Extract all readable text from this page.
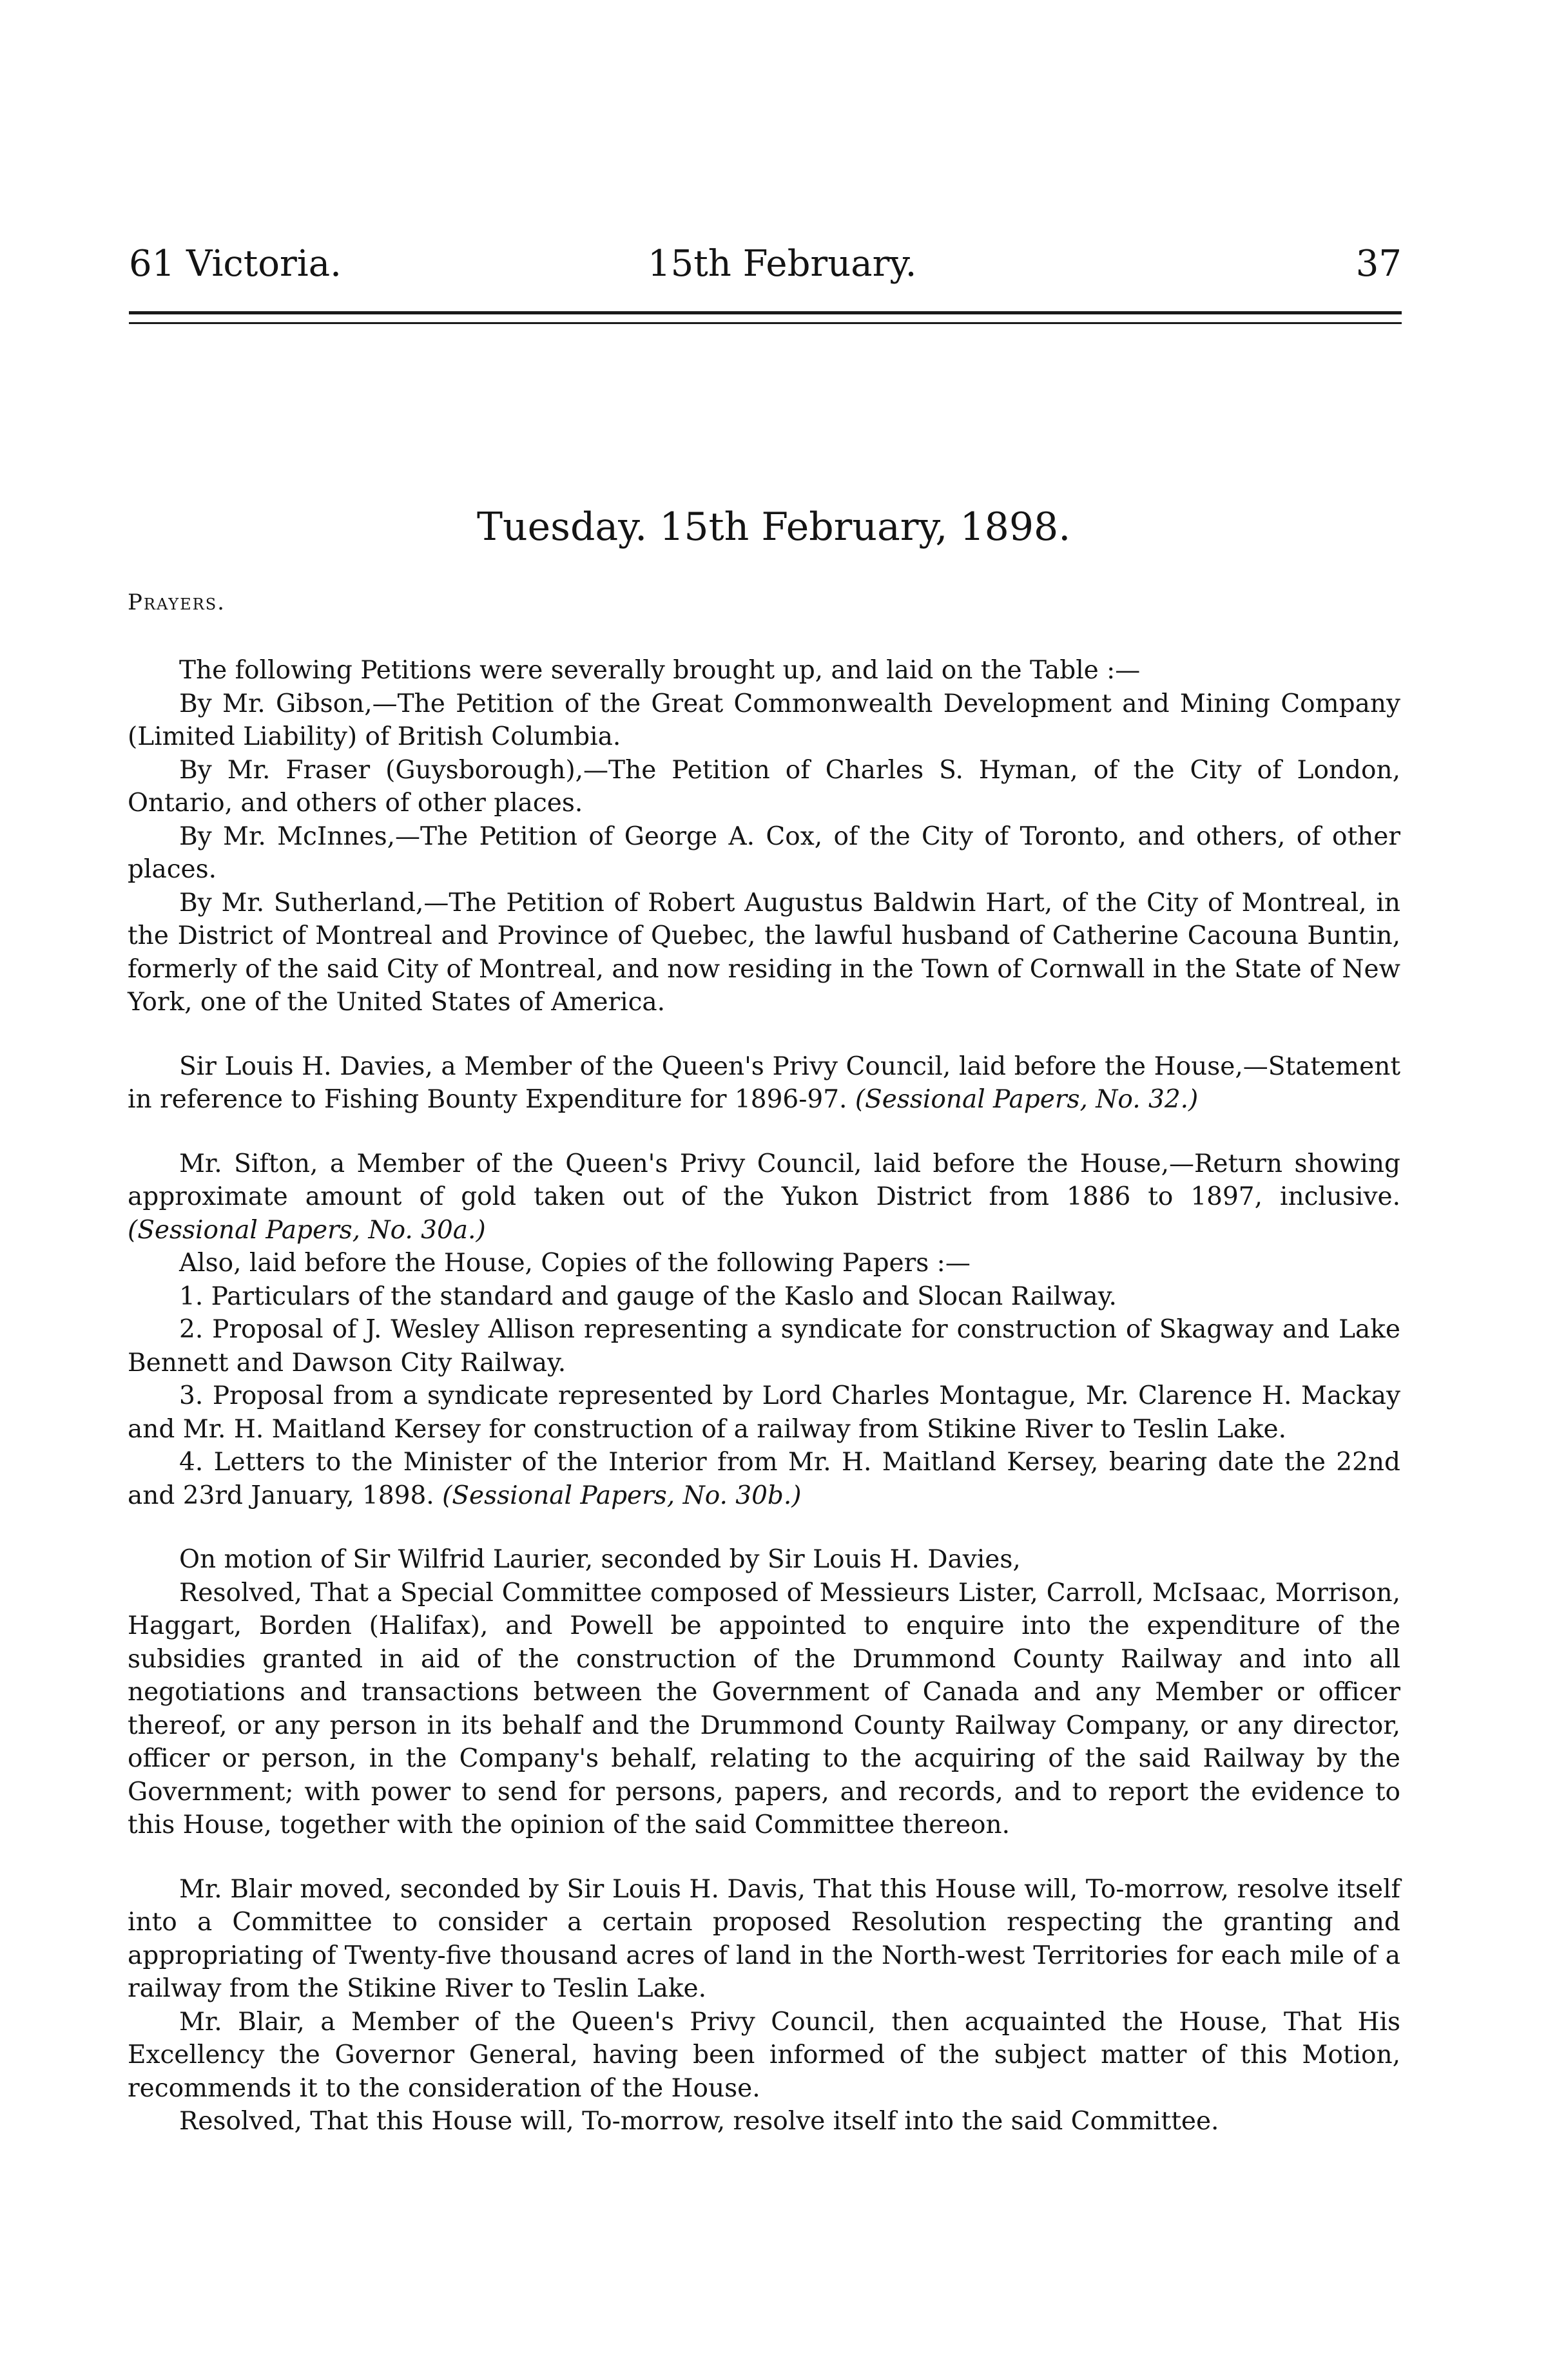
61 Victoria.	15th February.	37
Tuesday. 15th February, 1898.
Prayers.

The following Petitions were severally brought up, and laid on the Table :—

By Mr. Gibson,—The Petition of the Great Commonwealth Development and Mining Company (Limited Liability) of British Columbia.

By Mr. Fraser (Guysborough),—The Petition of Charles S. Hyman, of the City of London, Ontario, and others of other places.

By Mr. McInnes,—The Petition of George A. Cox, of the City of Toronto, and others, of other places.

By Mr. Sutherland,—The Petition of Robert Augustus Baldwin Hart, of the City of Montreal, in the District of Montreal and Province of Quebec, the lawful husband of Catherine Cacouna Buntin, formerly of the said City of Montreal, and now residing in the Town of Cornwall in the State of New York, one of the United States of America.

Sir Louis H. Davies, a Member of the Queen's Privy Council, laid before the House,—Statement in reference to Fishing Bounty Expenditure for 1896-97. (Sessional Papers, No. 32.)

Mr. Sifton, a Member of the Queen's Privy Council, laid before the House,—Return showing approximate amount of gold taken out of the Yukon District from 1886 to 1897, inclusive. (Sessional Papers, No. 30a.)

Also, laid before the House, Copies of the following Papers :—

1. Particulars of the standard and gauge of the Kaslo and Slocan Railway.

2. Proposal of J. Wesley Allison representing a syndicate for construction of Skagway and Lake Bennett and Dawson City Railway.

3. Proposal from a syndicate represented by Lord Charles Montague, Mr. Clarence H. Mackay and Mr. H. Maitland Kersey for construction of a railway from Stikine River to Teslin Lake.

4. Letters to the Minister of the Interior from Mr. H. Maitland Kersey, bearing date the 22nd and 23rd January, 1898. (Sessional Papers, No. 30b.)

On motion of Sir Wilfrid Laurier, seconded by Sir Louis H. Davies,

Resolved, That a Special Committee composed of Messieurs Lister, Carroll, McIsaac, Morrison, Haggart, Borden (Halifax), and Powell be appointed to enquire into the expenditure of the subsidies granted in aid of the construction of the Drummond County Railway and into all negotiations and transactions between the Government of Canada and any Member or officer thereof, or any person in its behalf and the Drummond County Railway Company, or any director, officer or person, in the Company's behalf, relating to the acquiring of the said Railway by the Government; with power to send for persons, papers, and records, and to report the evidence to this House, together with the opinion of the said Committee thereon.

Mr. Blair moved, seconded by Sir Louis H. Davis, That this House will, To-morrow, resolve itself into a Committee to consider a certain proposed Resolution respecting the granting and appropriating of Twenty-five thousand acres of land in the North-west Territories for each mile of a railway from the Stikine River to Teslin Lake.

Mr. Blair, a Member of the Queen's Privy Council, then acquainted the House, That His Excellency the Governor General, having been informed of the subject matter of this Motion, recommends it to the consideration of the House.

Resolved, That this House will, To-morrow, resolve itself into the said Committee.
